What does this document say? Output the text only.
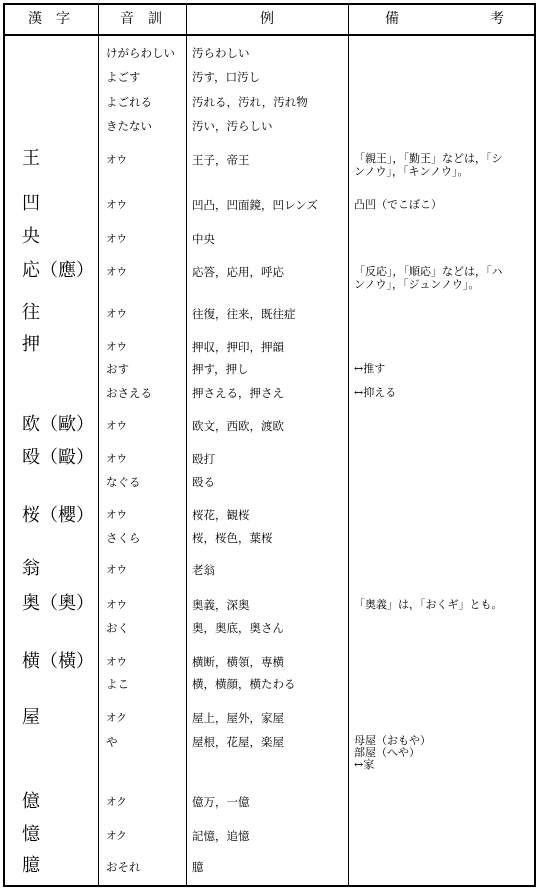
漢　字	音　訓	例	備	考
けがらわしい 汚らわしい
よごす	汚す，口汚し
よごれる	汚れる，汚れ，汚れ物
きたない	汚い，汚らしい
王	オウ	王子，帝王	「親王」，「勤王」などは，「シ
ンノウ」，「キンノウ」。
凹	オウ	凹凸，凹面鏡，凹レンズ	凸凹（でこぼこ）
央	オウ	中央
応（應） オウ	応答，応用，呼応	「反応」，「順応」などは，「ハ
ンノウ」，「ジュンノウ」。
往	オウ	往復，往来，既往症
押	オウ	押収，押印，押韻
おす	押す，押し	↔推す
おさえる	押さえる，押さえ	↔抑える
欧（歐） オウ	欧文，西欧，渡欧
殴（毆） オウ	殴打
なぐる	殴る
桜（櫻） オウ	桜花，観桜
さくら	桜，桜色，葉桜
翁	オウ	老翁
奥（奧） オウ	奥義，深奥	「奥義」は，「おくギ」とも。
おく	奥，奥底，奥さん
横（橫） オウ	横断，横領，専横
よこ	横，横顔，横たわる
屋	オク	屋上，屋外，家屋
や	屋根，花屋，楽屋	母屋（おもや）
部屋（へや）
↔家
億	オク	億万，一億
憶	オク	記憶，追憶
臆	おそれ	臆
